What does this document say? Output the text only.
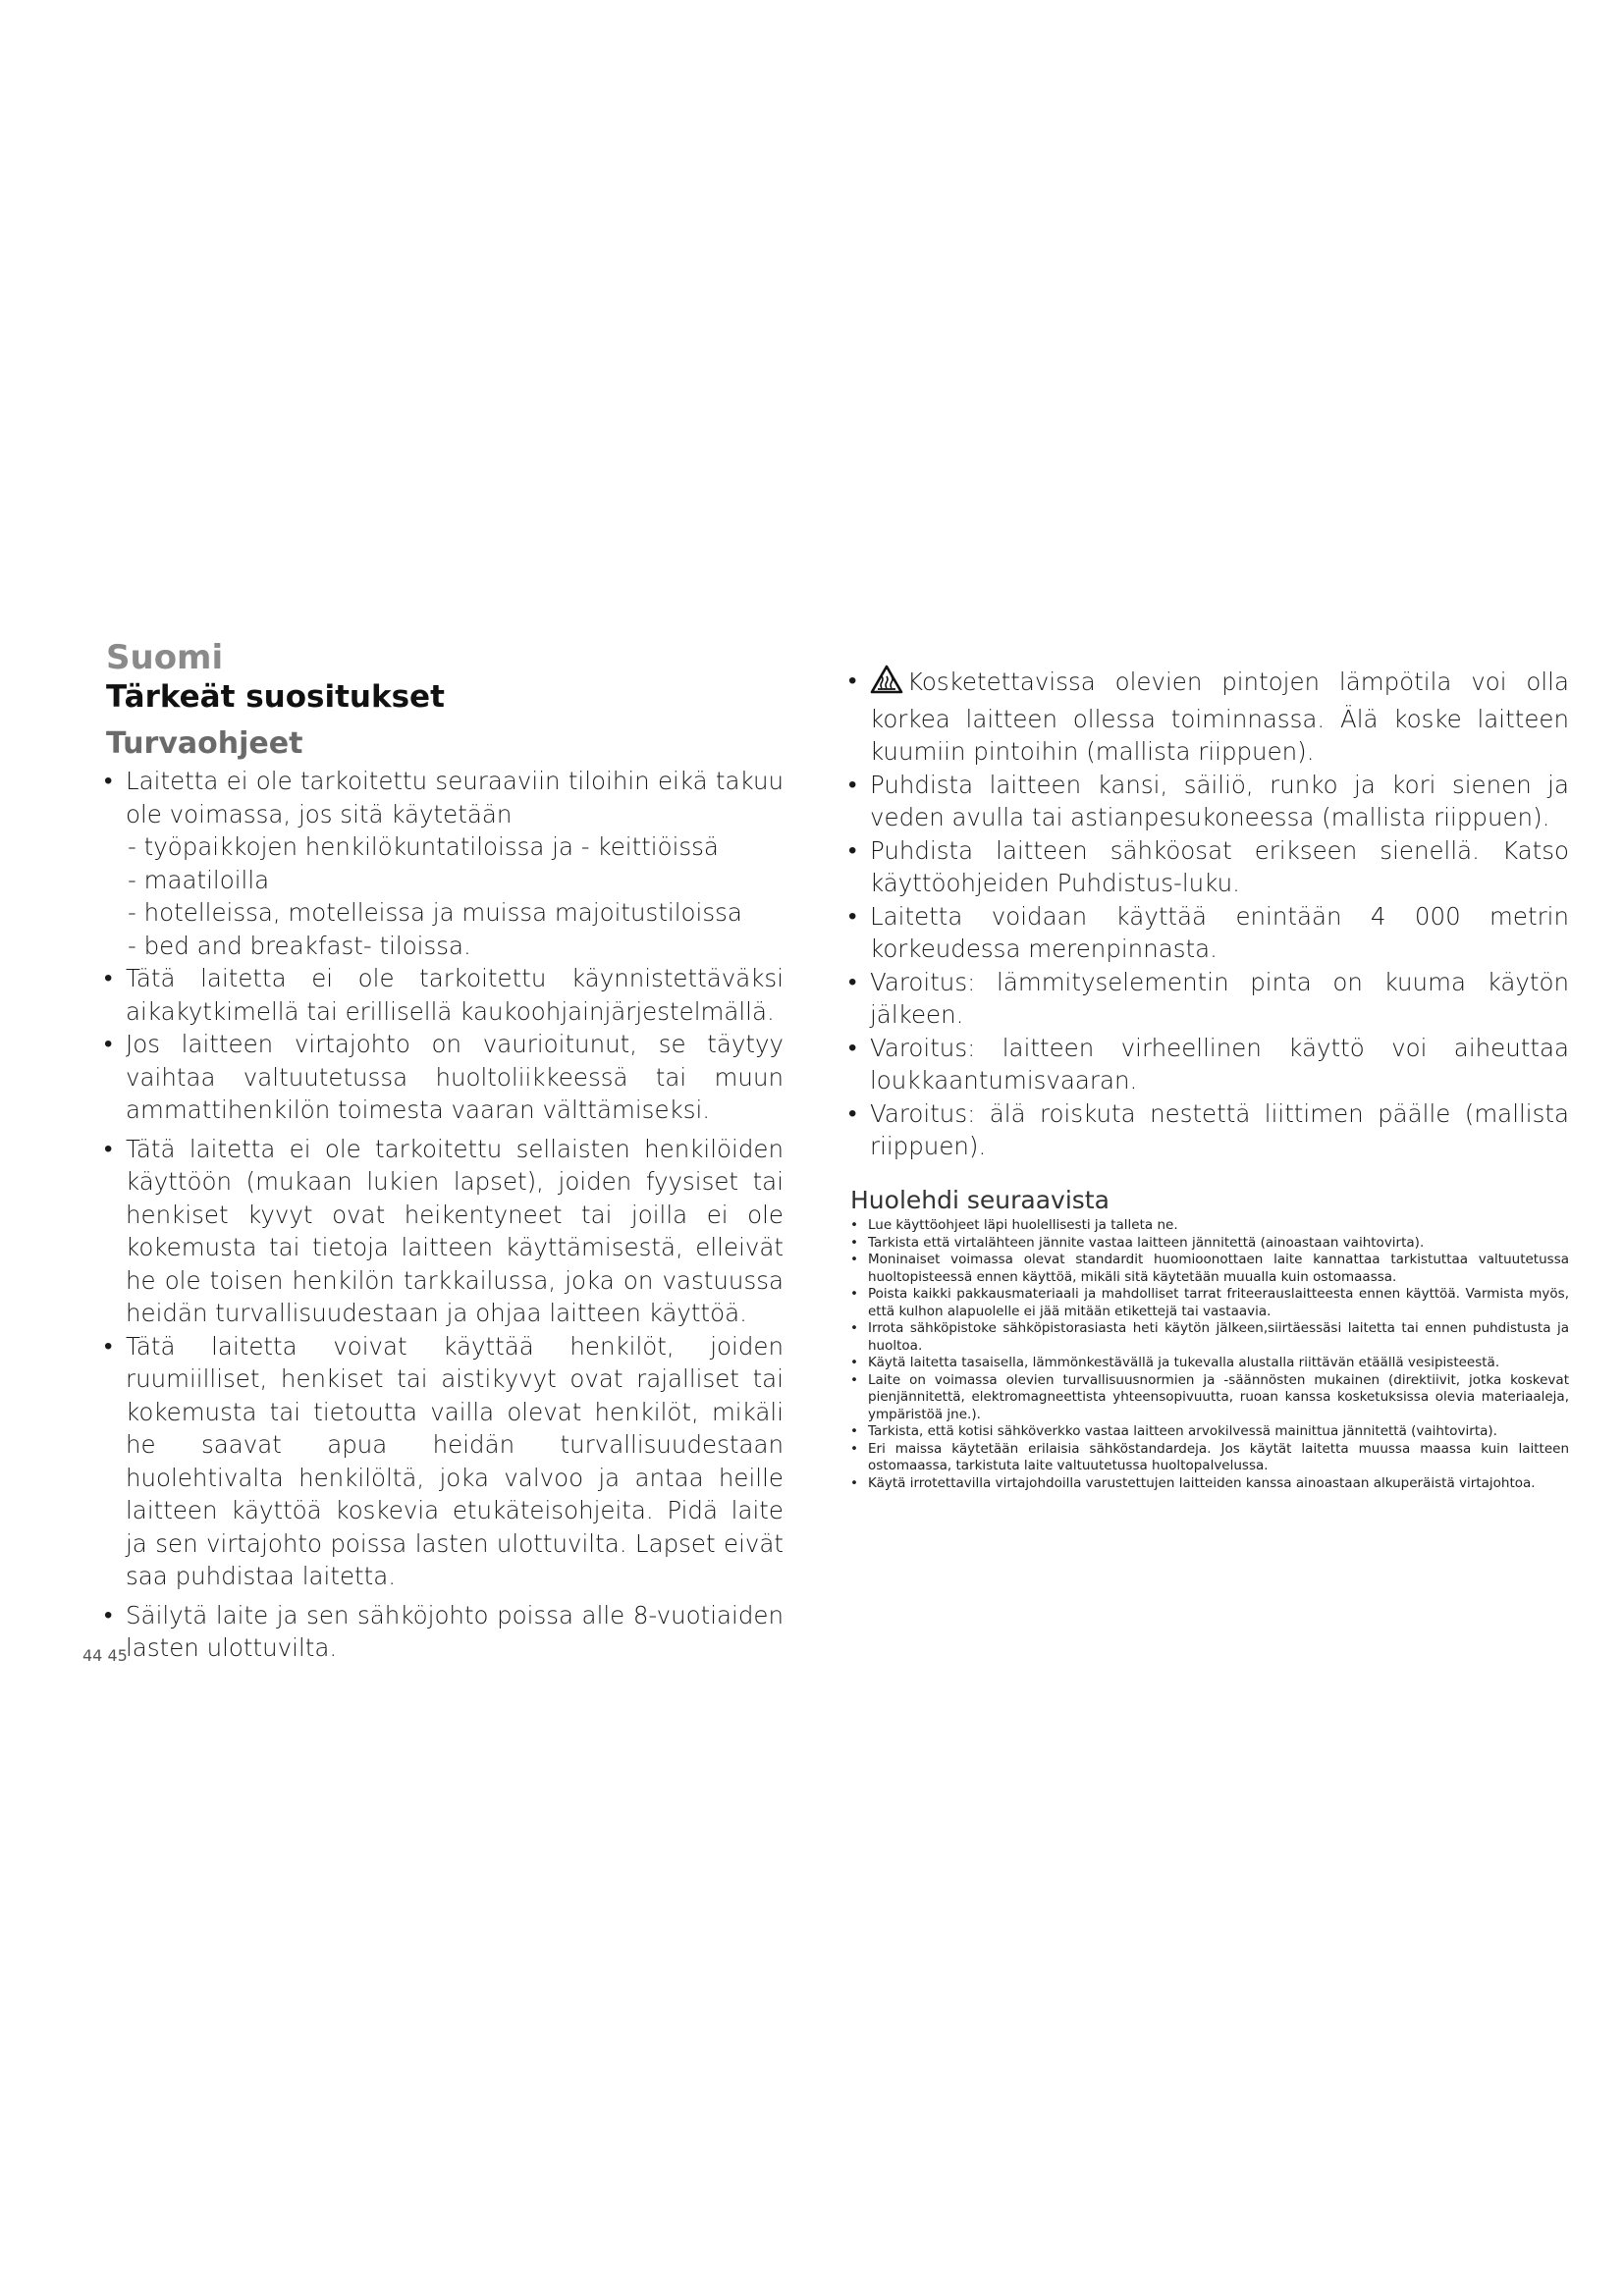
Suomi
Tärkeät suositukset
Turvaohjeet
• Laitetta ei ole tarkoitettu seuraaviin tiloihin eikä takuu ole voimassa, jos sitä käytetään
- työpaikkojen henkilökuntatiloissa ja - keittiöissä
- maatiloilla
- hotelleissa, motelleissa ja muissa majoitustiloissa
- bed and breakfast- tiloissa.
• Tätä laitetta ei ole tarkoitettu käynnistettäväksi aikakytkimellä tai erillisellä kaukoohjainjärjestelmällä.
• Jos laitteen virtajohto on vaurioitunut, se täytyy vaihtaa valtuutetussa huoltoliikkeessä tai muun ammattihenkilön toimesta vaaran välttämiseksi.
• Tätä laitetta ei ole tarkoitettu sellaisten henkilöiden käyttöön (mukaan lukien lapset), joiden fyysiset tai henkiset kyvyt ovat heikentyneet tai joilla ei ole kokemusta tai tietoja laitteen käyttämisestä, elleivät he ole toisen henkilön tarkkailussa, joka on vastuussa heidän turvallisuudestaan ja ohjaa laitteen käyttöä.
• Tätä laitetta voivat käyttää henkilöt, joiden ruumiilliset, henkiset tai aistikyvyt ovat rajalliset tai kokemusta tai tietoutta vailla olevat henkilöt, mikäli he saavat apua heidän turvallisuudestaan huolehtivalta henkilöltä, joka valvoo ja antaa heille laitteen käyttöä koskevia etukäteisohjeita. Pidä laite ja sen virtajohto poissa lasten ulottuvilta. Lapset eivät saa puhdistaa laitetta.
• Säilytä laite ja sen sähköjohto poissa alle 8-vuotiaiden lasten ulottuvilta.
• Kosketettavissa olevien pintojen lämpötila voi olla korkea laitteen ollessa toiminnassa. Älä koske laitteen kuumiin pintoihin (mallista riippuen).
• Puhdista laitteen kansi, säiliö, runko ja kori sienen ja veden avulla tai astianpesukoneessa (mallista riippuen).
• Puhdista laitteen sähköosat erikseen sienellä. Katso käyttöohjeiden Puhdistus-luku.
• Laitetta voidaan käyttää enintään 4 000 metrin korkeudessa merenpinnasta.
• Varoitus: lämmityselementin pinta on kuuma käytön jälkeen.
• Varoitus: laitteen virheellinen käyttö voi aiheuttaa loukkaantumisvaaran.
• Varoitus: älä roiskuta nestettä liittimen päälle (mallista riippuen).
Huolehdi seuraavista
• Lue käyttöohjeet läpi huolellisesti ja talleta ne.
• Tarkista että virtalähteen jännite vastaa laitteen jännitettä (ainoastaan vaihtovirta).
• Moninaiset voimassa olevat standardit huomioonottaen laite kannattaa tarkistuttaa valtuutetussa huoltopisteessä ennen käyttöä, mikäli sitä käytetään muualla kuin ostomaassa.
• Poista kaikki pakkausmateriaali ja mahdolliset tarrat friteerauslaitteesta ennen käyttöä. Varmista myös, että kulhon alapuolelle ei jää mitään etikettejä tai vastaavia.
• Irrota sähköpistoke sähköpistorasiasta heti käytön jälkeen,siirtäessäsi laitetta tai ennen puhdistusta ja huoltoa.
• Käytä laitetta tasaisella, lämmönkestävällä ja tukevalla alustalla riittävän etäällä vesipisteestä.
• Laite on voimassa olevien turvallisuusnormien ja -säännösten mukainen (direktiivit, jotka koskevat pienjännitettä, elektromagneettista yhteensopivuutta, ruoan kanssa kosketuksissa olevia materiaaleja, ympäristöä jne.).
• Tarkista, että kotisi sähköverkko vastaa laitteen arvokilvessä mainittua jännitettä (vaihtovirta).
• Eri maissa käytetään erilaisia sähköstandardeja. Jos käytät laitetta muussa maassa kuin laitteen ostomaassa, tarkistuta laite valtuutetussa huoltopalvelussa.
• Käytä irrotettavilla virtajohdoilla varustettujen laitteiden kanssa ainoastaan alkuperäistä virtajohtoa.
44 45
